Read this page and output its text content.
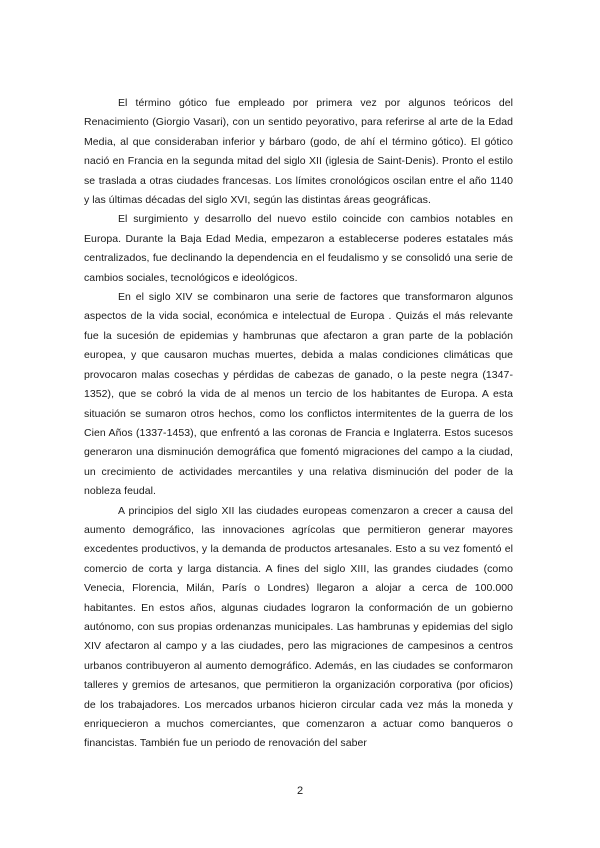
El término gótico fue empleado por primera vez por algunos teóricos del Renacimiento (Giorgio Vasari), con un sentido peyorativo, para referirse al arte de la Edad Media, al que consideraban inferior y bárbaro (godo, de ahí el término gótico). El gótico nació en Francia en la segunda mitad del siglo XII (iglesia de Saint-Denis). Pronto el estilo se traslada a otras ciudades francesas. Los límites cronológicos oscilan entre el año 1140 y las últimas décadas del siglo XVI, según las distintas áreas geográficas.

El surgimiento y desarrollo del nuevo estilo coincide con cambios notables en Europa. Durante la Baja Edad Media, empezaron a establecerse poderes estatales más centralizados, fue declinando la dependencia en el feudalismo y se consolidó una serie de cambios sociales, tecnológicos e ideológicos.

En el siglo XIV se combinaron una serie de factores que transformaron algunos aspectos de la vida social, económica e intelectual de Europa . Quizás el más relevante fue la sucesión de epidemias y hambrunas que afectaron a gran parte de la población europea, y que causaron muchas muertes, debida a malas condiciones climáticas que provocaron malas cosechas y pérdidas de cabezas de ganado, o la peste negra (1347-1352), que se cobró la vida de al menos un tercio de los habitantes de Europa. A esta situación se sumaron otros hechos, como los conflictos intermitentes de la guerra de los Cien Años (1337-1453), que enfrentó a las coronas de Francia e Inglaterra. Estos sucesos generaron una disminución demográfica que fomentó migraciones del campo a la ciudad, un crecimiento de actividades mercantiles y una relativa disminución del poder de la nobleza feudal.

A principios del siglo XII las ciudades europeas comenzaron a crecer a causa del aumento demográfico, las innovaciones agrícolas que permitieron generar mayores excedentes productivos, y la demanda de productos artesanales. Esto a su vez fomentó el comercio de corta y larga distancia. A fines del siglo XIII, las grandes ciudades (como Venecia, Florencia, Milán, París o Londres) llegaron a alojar a cerca de 100.000 habitantes. En estos años, algunas ciudades lograron la conformación de un gobierno autónomo, con sus propias ordenanzas municipales. Las hambrunas y epidemias del siglo XIV afectaron al campo y a las ciudades, pero las migraciones de campesinos a centros urbanos contribuyeron al aumento demográfico. Además, en las ciudades se conformaron talleres y gremios de artesanos, que permitieron la organización corporativa (por oficios) de los trabajadores. Los mercados urbanos hicieron circular cada vez más la moneda y enriquecieron a muchos comerciantes, que comenzaron a actuar como banqueros o financistas. También fue un periodo de renovación del saber

2
